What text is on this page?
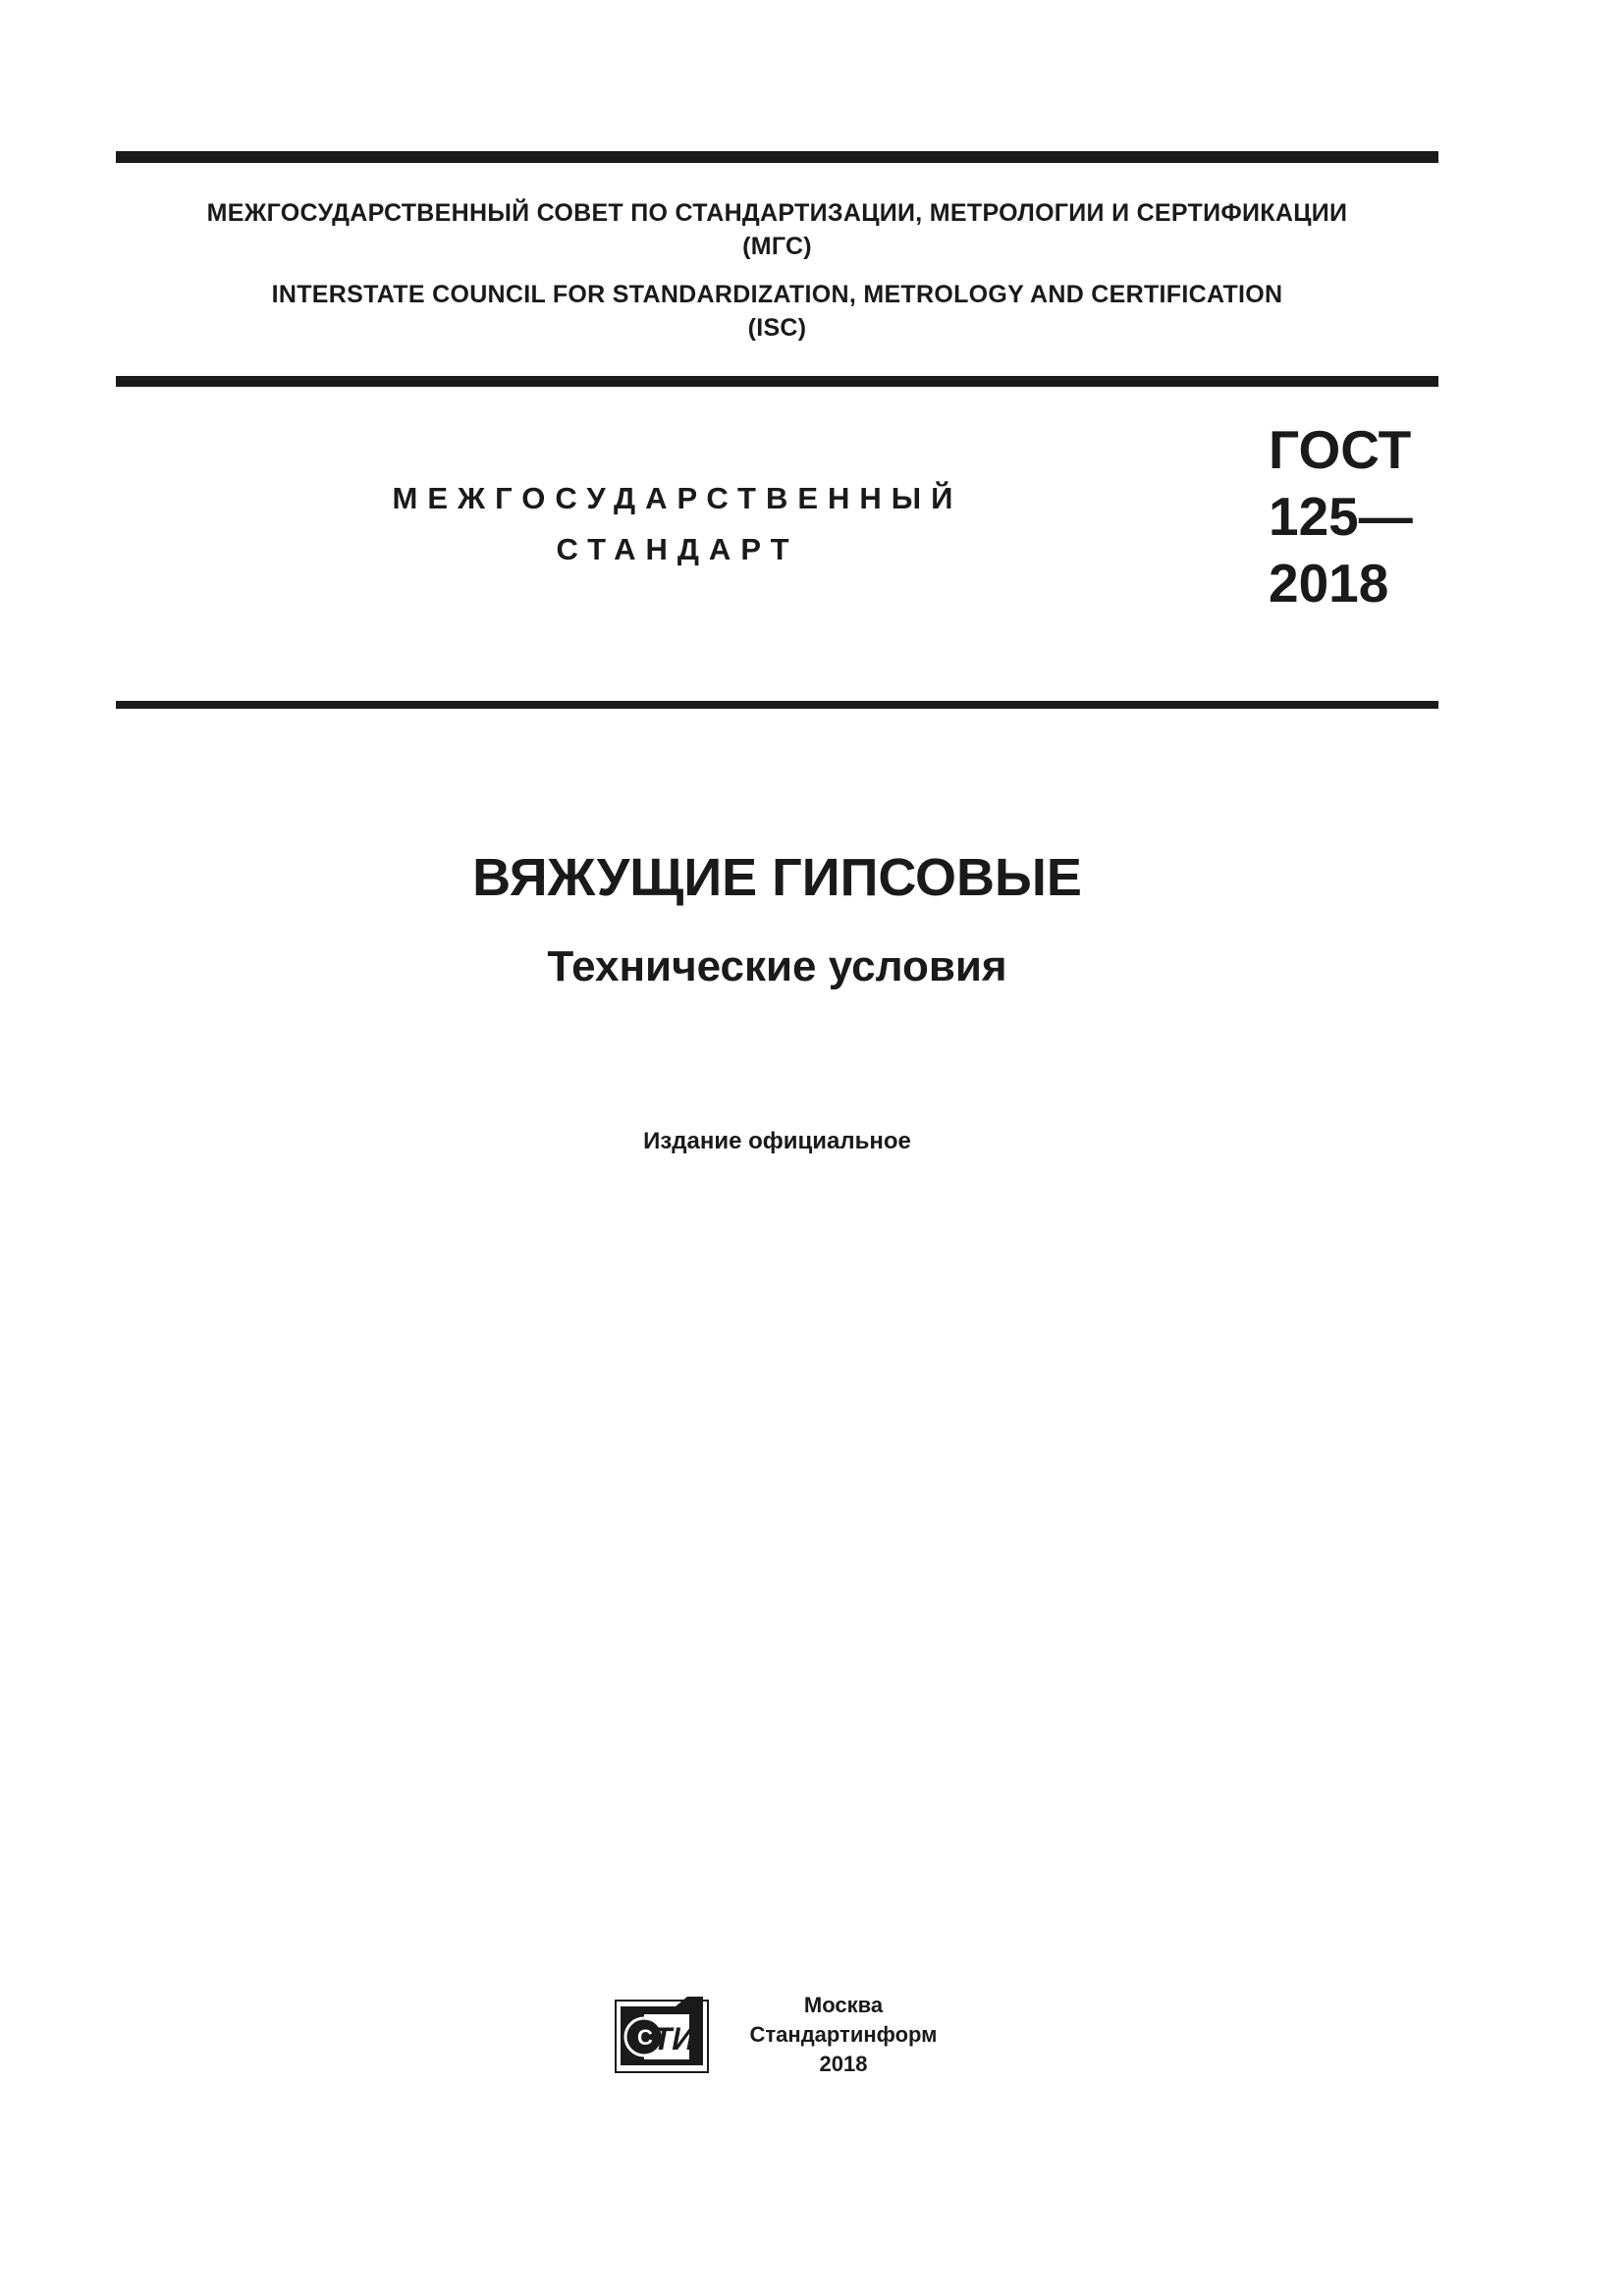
МЕЖГОСУДАРСТВЕННЫЙ СОВЕТ ПО СТАНДАРТИЗАЦИИ, МЕТРОЛОГИИ И СЕРТИФИКАЦИИ
(МГС)
INTERSTATE COUNCIL FOR STANDARDIZATION, METROLOGY AND CERTIFICATION
(ISC)
МЕЖГОСУДАРСТВЕННЫЙ
СТАНДАРТ
ГОСТ
125—
2018
ВЯЖУЩИЕ ГИПСОВЫЕ
Технические условия
Издание официальное
C ТИ
Москва
Стандартинформ
2018
